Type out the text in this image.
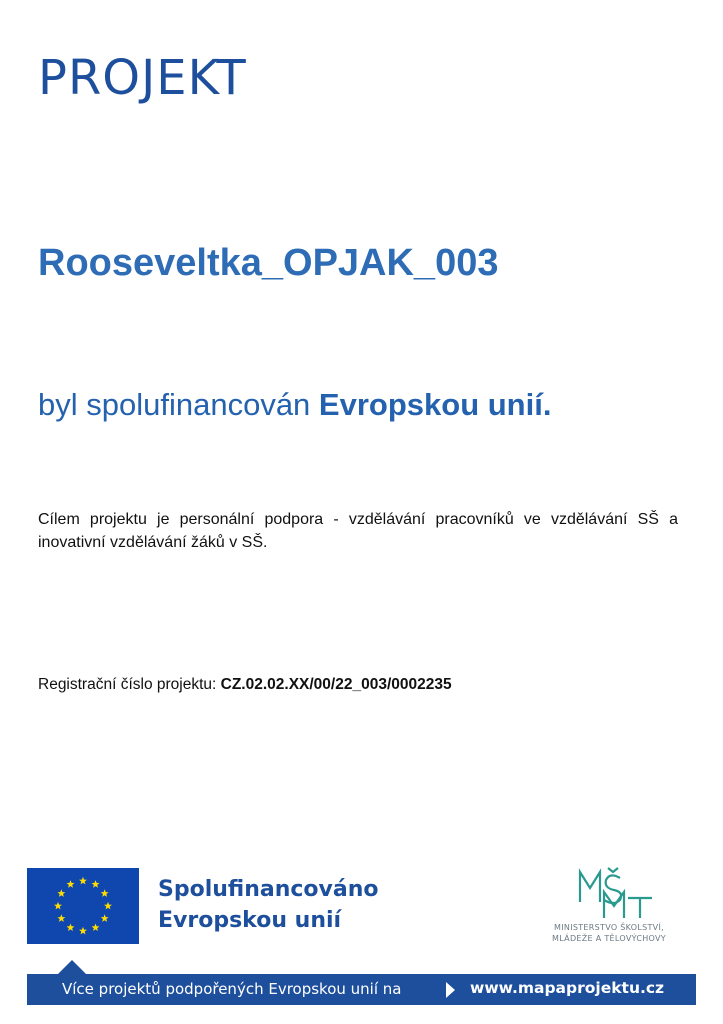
PROJEKT
Rooseveltka_OPJAK_003

byl spolufinancován Evropskou unií.

Cílem projektu je personální podpora - vzdělávání pracovníků ve vzdělávání SŠ a inovativní vzdělávání žáků v SŠ.

Registrační číslo projektu: CZ.02.02.XX/00/22_003/0002235

Spolufinancováno
Evropskou unií	MINISTERSTVO ŠKOLSTVÍ,
MLÁDEŽE A TĚLOVÝCHOVY
Více projektů podpořených Evropskou unií na	www.mapaprojektu.cz
